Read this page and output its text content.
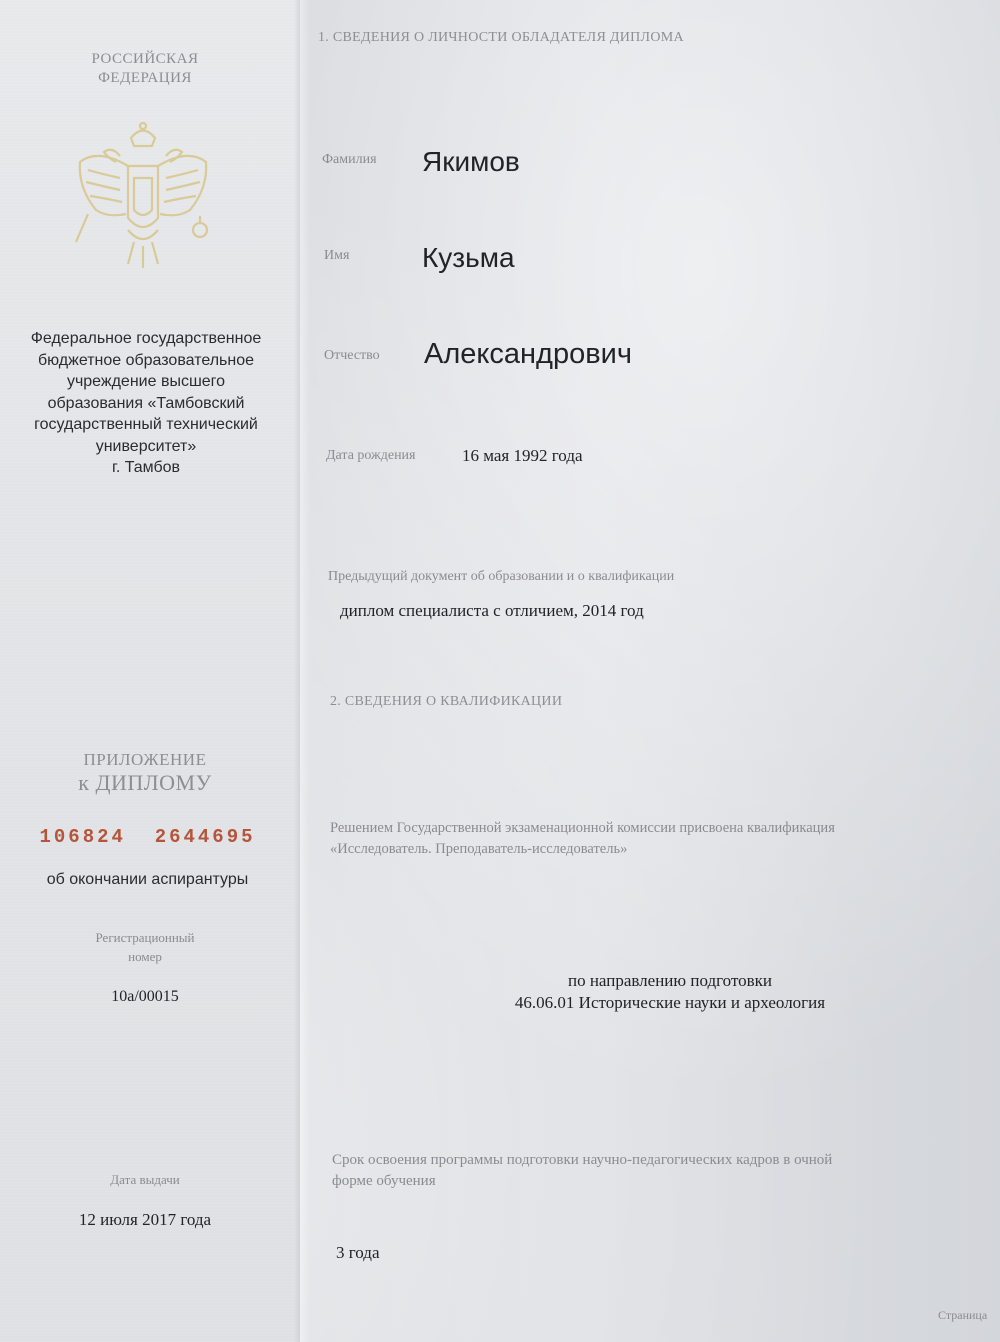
РОССИЙСКАЯ
ФЕДЕРАЦИЯ
Федеральное государственное
бюджетное образовательное
учреждение высшего
образования «Тамбовский
государственный технический
университет»
г. Тамбов
ПРИЛОЖЕНИЕ
к ДИПЛОМУ
106824  2644695
об окончании аспирантуры
Регистрационный
номер
10а/00015
Дата выдачи
12 июля 2017 года
1. СВЕДЕНИЯ О ЛИЧНОСТИ ОБЛАДАТЕЛЯ ДИПЛОМА
Фамилия Якимов
Имя	Кузьма
Отчество Александрович
Дата рождения	16 мая 1992 года
Предыдущий документ об образовании и о квалификации
диплом специалиста с отличием, 2014 год
2. СВЕДЕНИЯ О КВАЛИФИКАЦИИ
Решением Государственной экзаменационной комиссии присвоена квалификация
«Исследователь. Преподаватель-исследователь»
по направлению подготовки
46.06.01 Исторические науки и археология
Срок освоения программы подготовки научно-педагогических кадров в очной
форме обучения
3 года
Страница
